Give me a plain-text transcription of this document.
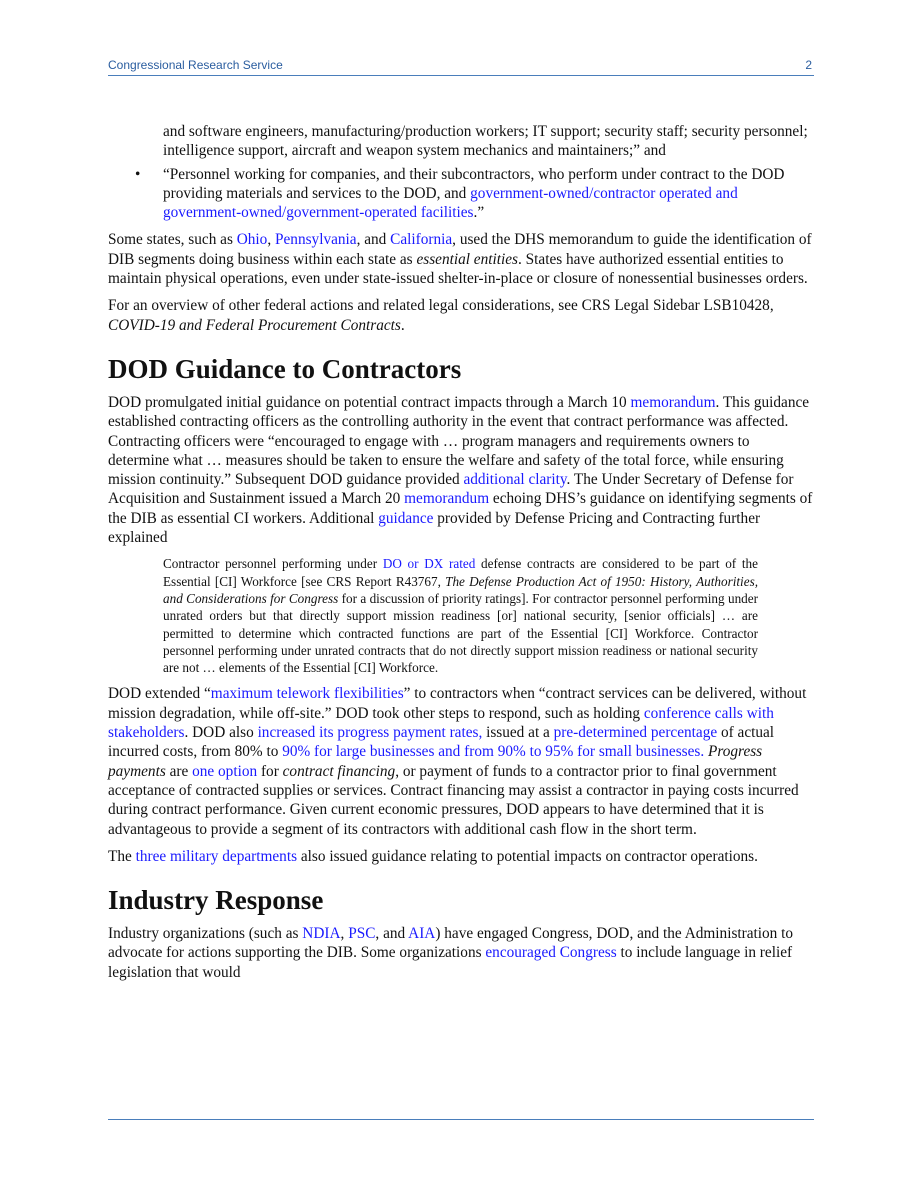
Congressional Research Service	2

and software engineers, manufacturing/production workers; IT support; security staff; security personnel; intelligence support, aircraft and weapon system mechanics and maintainers;” and

• “Personnel working for companies, and their subcontractors, who perform under contract to the DOD providing materials and services to the DOD, and government-owned/contractor operated and government-owned/government-operated facilities.”

Some states, such as Ohio, Pennsylvania, and California, used the DHS memorandum to guide the identification of DIB segments doing business within each state as essential entities. States have authorized essential entities to maintain physical operations, even under state-issued shelter-in-place or closure of nonessential businesses orders.

For an overview of other federal actions and related legal considerations, see CRS Legal Sidebar LSB10428, COVID-19 and Federal Procurement Contracts.

DOD Guidance to Contractors

DOD promulgated initial guidance on potential contract impacts through a March 10 memorandum. This guidance established contracting officers as the controlling authority in the event that contract performance was affected. Contracting officers were “encouraged to engage with … program managers and requirements owners to determine what … measures should be taken to ensure the welfare and safety of the total force, while ensuring mission continuity.” Subsequent DOD guidance provided additional clarity. The Under Secretary of Defense for Acquisition and Sustainment issued a March 20 memorandum echoing DHS’s guidance on identifying segments of the DIB as essential CI workers. Additional guidance provided by Defense Pricing and Contracting further explained

Contractor personnel performing under DO or DX rated defense contracts are considered to be part of the Essential [CI] Workforce [see CRS Report R43767, The Defense Production Act of 1950: History, Authorities, and Considerations for Congress for a discussion of priority ratings]. For contractor personnel performing under unrated orders but that directly support mission readiness [or] national security, [senior officials] … are permitted to determine which contracted functions are part of the Essential [CI] Workforce. Contractor personnel performing under unrated contracts that do not directly support mission readiness or national security are not … elements of the Essential [CI] Workforce.

DOD extended “maximum telework flexibilities” to contractors when “contract services can be delivered, without mission degradation, while off-site.” DOD took other steps to respond, such as holding conference calls with stakeholders. DOD also increased its progress payment rates, issued at a pre-determined percentage of actual incurred costs, from 80% to 90% for large businesses and from 90% to 95% for small businesses. Progress payments are one option for contract financing, or payment of funds to a contractor prior to final government acceptance of contracted supplies or services. Contract financing may assist a contractor in paying costs incurred during contract performance. Given current economic pressures, DOD appears to have determined that it is advantageous to provide a segment of its contractors with additional cash flow in the short term.

The three military departments also issued guidance relating to potential impacts on contractor operations.

Industry Response

Industry organizations (such as NDIA, PSC, and AIA) have engaged Congress, DOD, and the Administration to advocate for actions supporting the DIB. Some organizations encouraged Congress to include language in relief legislation that would
